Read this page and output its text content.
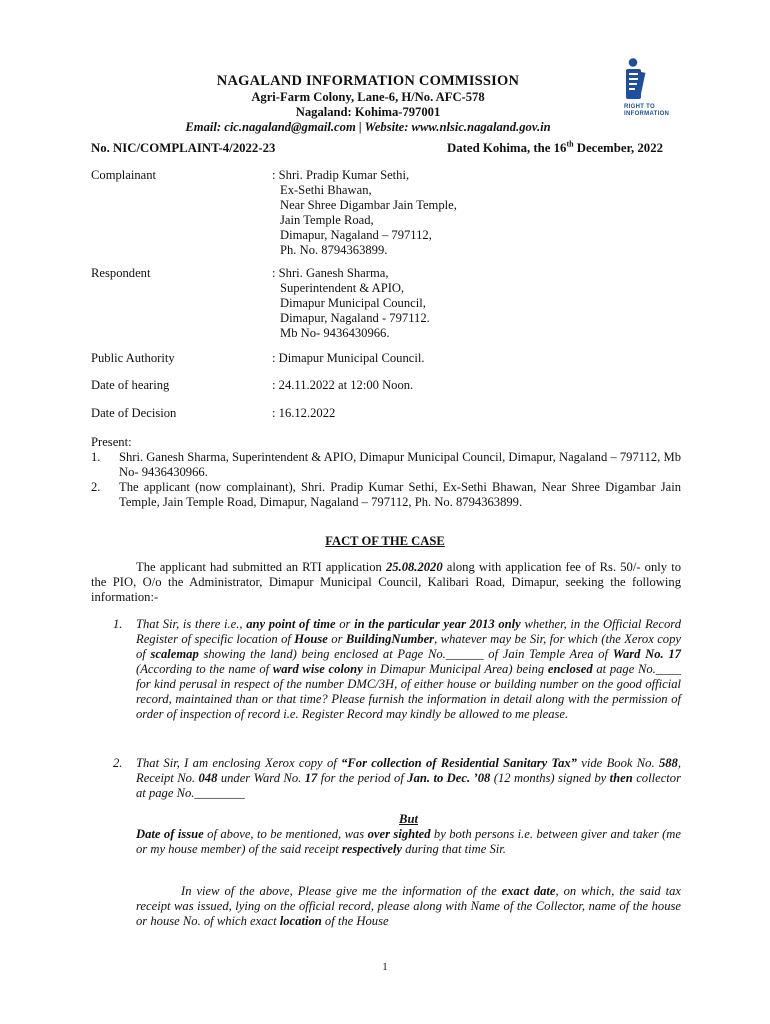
NAGALAND INFORMATION COMMISSION
Agri-Farm Colony, Lane-6, H/No. AFC-578
Nagaland: Kohima-797001
Email: cic.nagaland@gmail.com | Website: www.nlsic.nagaland.gov.in
RIGHT TO
INFORMATION
No. NIC/COMPLAINT-4/2022-23	Dated Kohima, the 16th December, 2022
Complainant	: Shri. Pradip Kumar Sethi,
Ex-Sethi Bhawan,
Near Shree Digambar Jain Temple,
Jain Temple Road,
Dimapur, Nagaland – 797112,
Ph. No. 8794363899.
Respondent	: Shri. Ganesh Sharma,
Superintendent & APIO,
Dimapur Municipal Council,
Dimapur, Nagaland - 797112.
Mb No- 9436430966.
Public Authority	: Dimapur Municipal Council.
Date of hearing	: 24.11.2022 at 12:00 Noon.
Date of Decision	: 16.12.2022
Present:
1. Shri. Ganesh Sharma, Superintendent & APIO, Dimapur Municipal Council, Dimapur, Nagaland – 797112, Mb No- 9436430966.
2. The applicant (now complainant), Shri. Pradip Kumar Sethi, Ex-Sethi Bhawan, Near Shree Digambar Jain Temple, Jain Temple Road, Dimapur, Nagaland – 797112, Ph. No. 8794363899.
FACT OF THE CASE
The applicant had submitted an RTI application 25.08.2020 along with application fee of Rs. 50/- only to the PIO, O/o the Administrator, Dimapur Municipal Council, Kalibari Road, Dimapur, seeking the following information:-
1. That Sir, is there i.e., any point of time or in the particular year 2013 only whether, in the Official Record Register of specific location of House or BuildingNumber, whatever may be Sir, for which (the Xerox copy of scalemap showing the land) being enclosed at Page No.______ of Jain Temple Area of Ward No. 17 (According to the name of ward wise colony in Dimapur Municipal Area) being enclosed at page No.____ for kind perusal in respect of the number DMC/3H, of either house or building number on the good official record, maintained than or that time? Please furnish the information in detail along with the permission of order of inspection of record i.e. Register Record may kindly be allowed to me please.
2. That Sir, I am enclosing Xerox copy of “For collection of Residential Sanitary Tax” vide Book No. 588, Receipt No. 048 under Ward No. 17 for the period of Jan. to Dec. ’08 (12 months) signed by then collector at page No.________
But

Date of issue of above, to be mentioned, was over sighted by both persons i.e. between giver and taker (me or my house member) of the said receipt respectively during that time Sir.

In view of the above, Please give me the information of the exact date, on which, the said tax receipt was issued, lying on the official record, please along with Name of the Collector, name of the house or house No. of which exact location of the House
1
